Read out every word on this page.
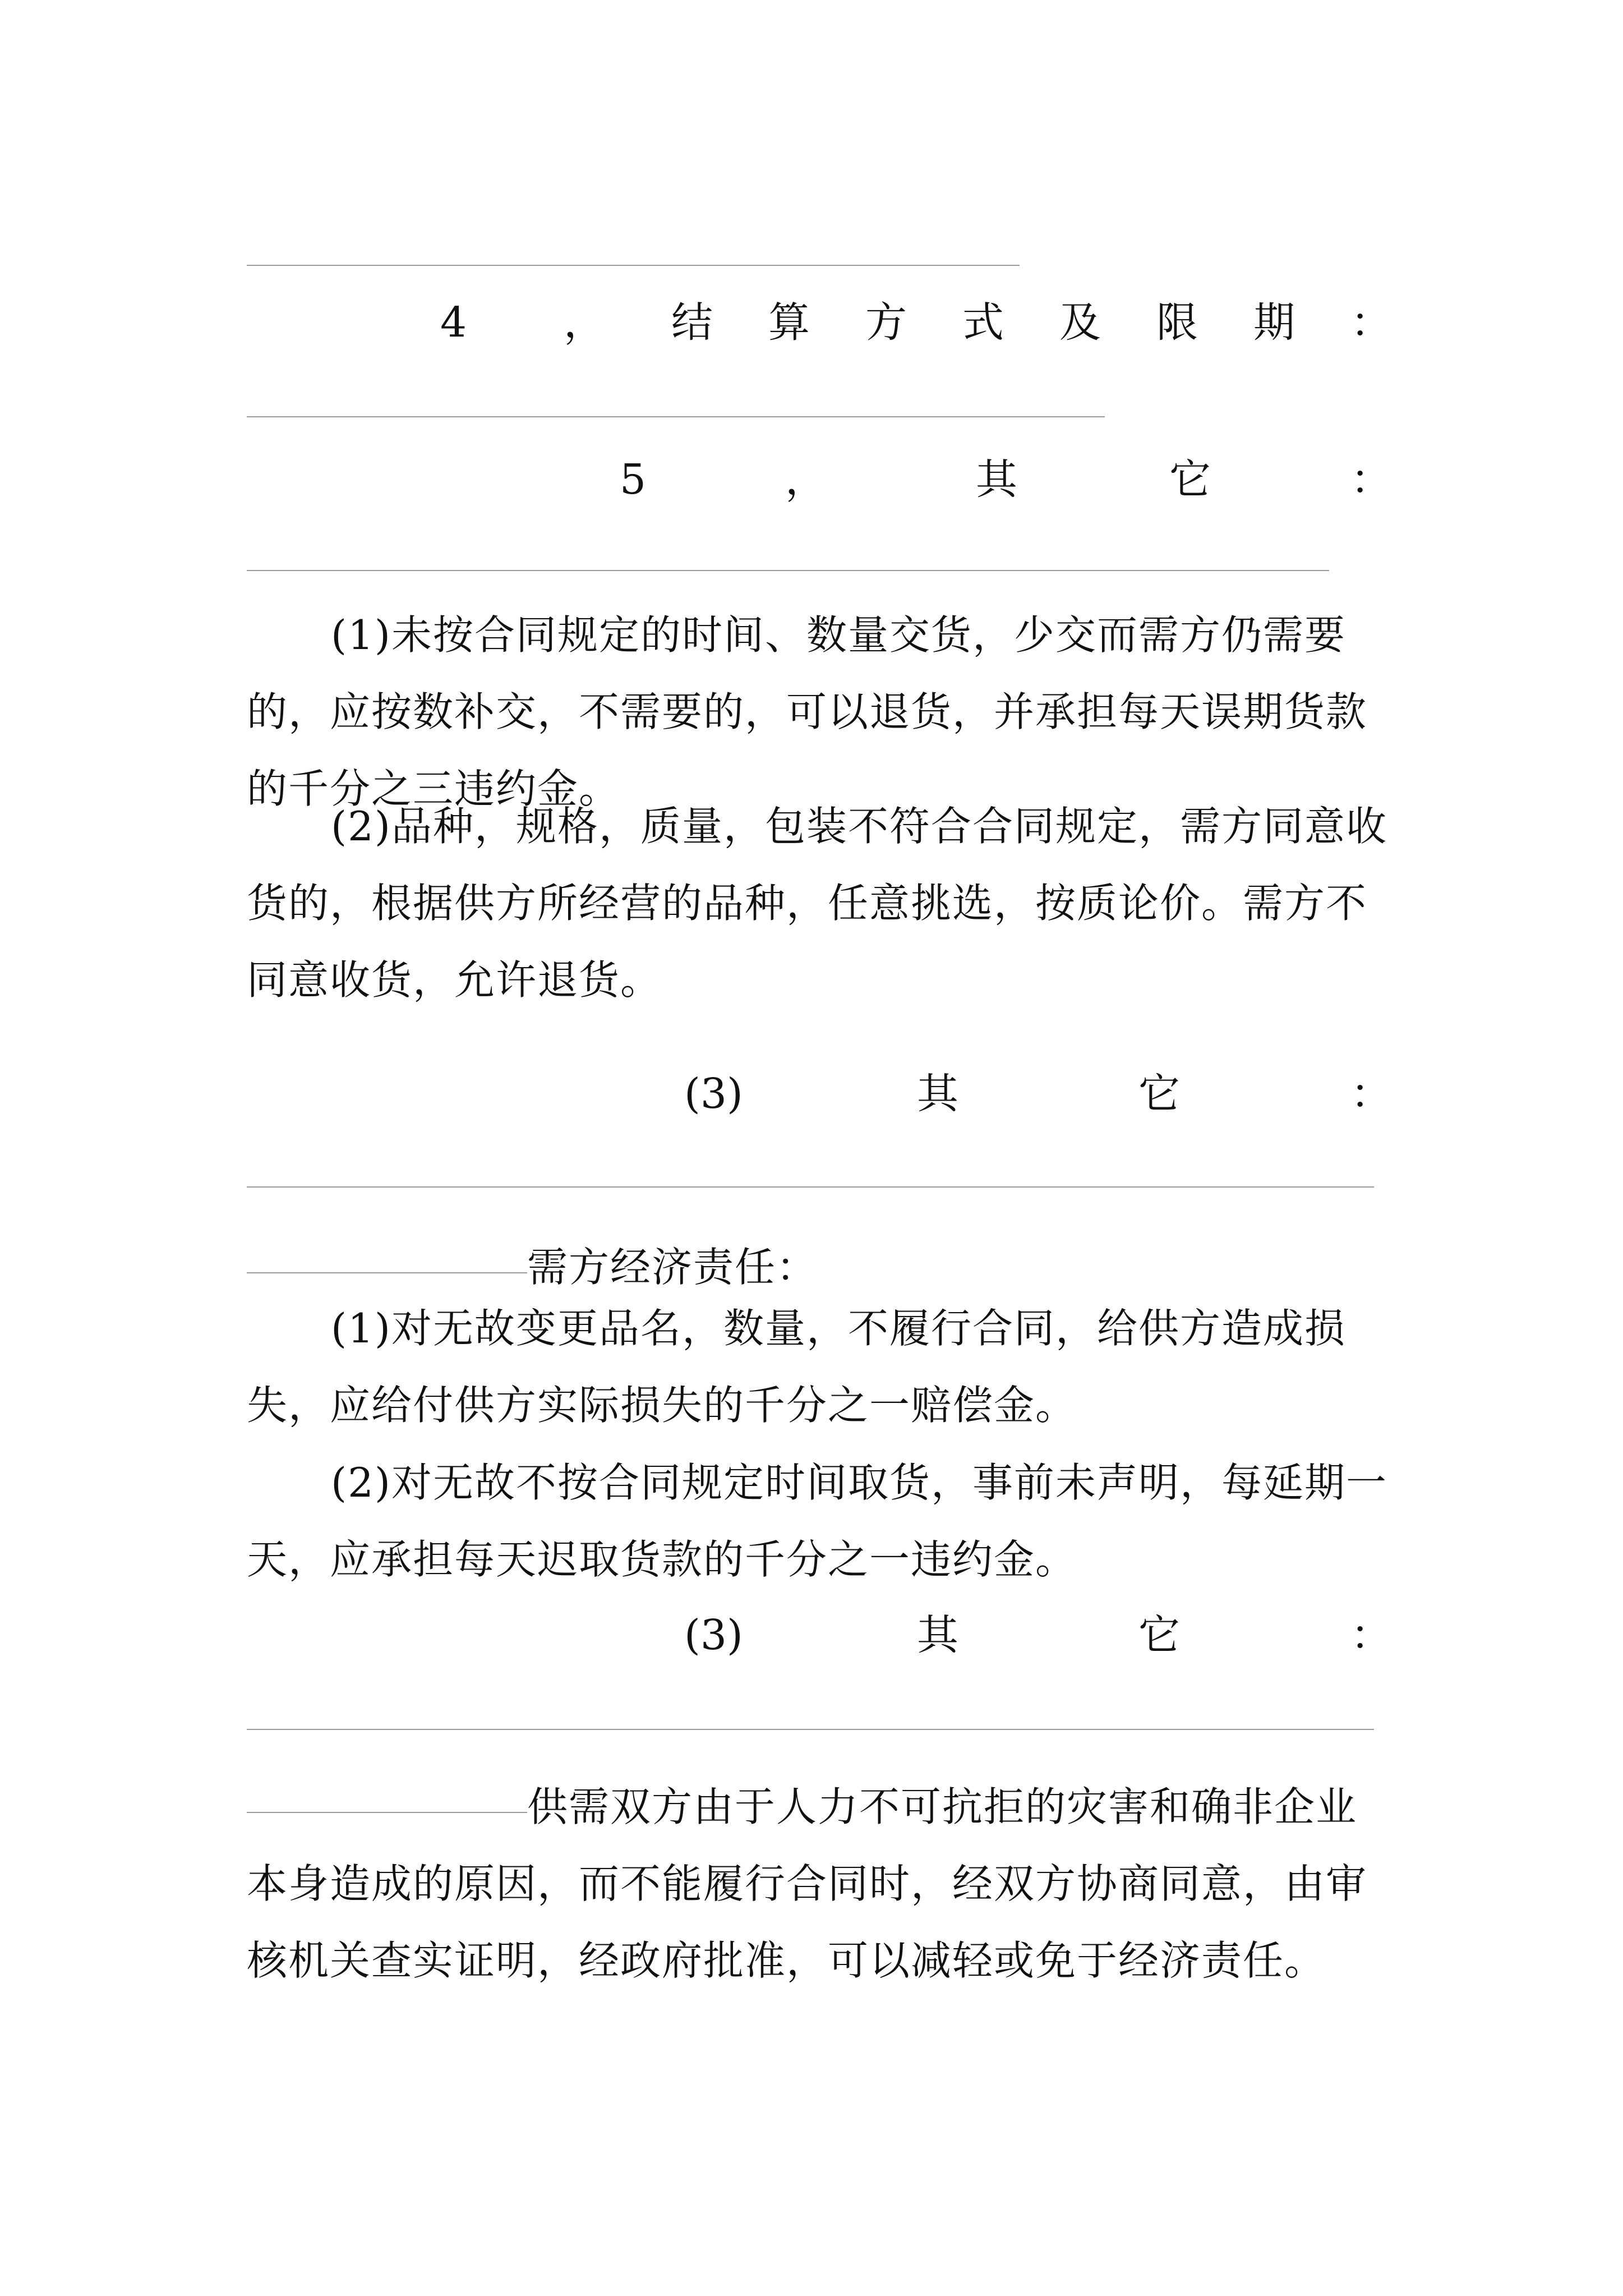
4 ， 结 算 方 式 及 限 期 ：
5	，	其	它	：

(1)未按合同规定的时间、数量交货，少交而需方仍需要的，应按数补交，不需要的，可以退货，并承担每天误期货款的千分之三违约金。

(2)品种，规格，质量，包装不符合合同规定，需方同意收货的，根据供方所经营的品种，任意挑选，按质论价。需方不同意收货，允许退货。

(3)	其	它	：

需方经济责任：

(1)对无故变更品名，数量，不履行合同，给供方造成损失，应给付供方实际损失的千分之一赔偿金。

(2)对无故不按合同规定时间取货，事前未声明，每延期一天，应承担每天迟取货款的千分之一违约金。

(3)	其	它	：

供需双方由于人力不可抗拒的灾害和确非企业本身造成的原因，而不能履行合同时，经双方协商同意，由审核机关查实证明，经政府批准，可以减轻或免于经济责任。
